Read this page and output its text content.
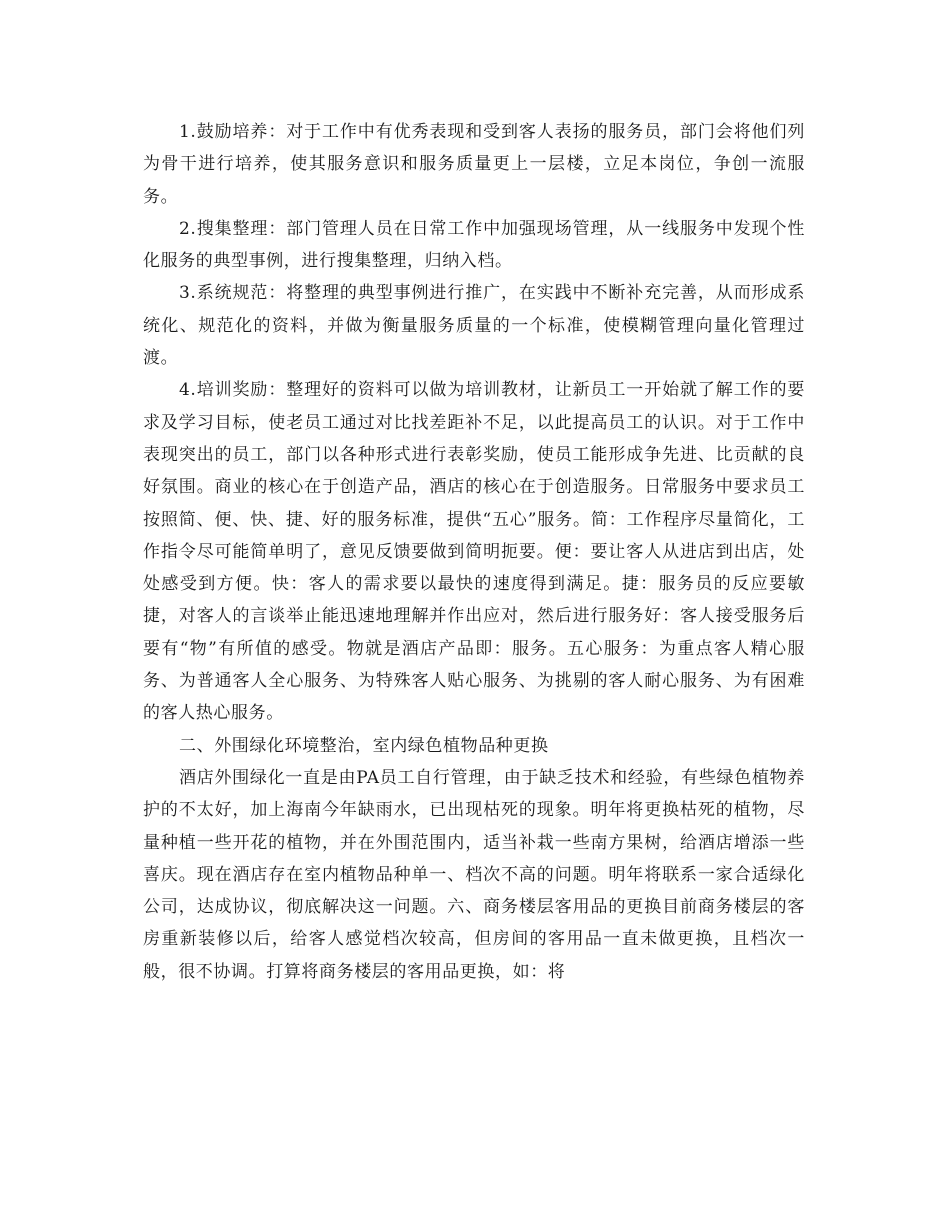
1.鼓励培养：对于工作中有优秀表现和受到客人表扬的服务员，部门会将他们列为骨干进行培养，使其服务意识和服务质量更上一层楼，立足本岗位，争创一流服务。

2.搜集整理：部门管理人员在日常工作中加强现场管理，从一线服务中发现个性化服务的典型事例，进行搜集整理，归纳入档。

3.系统规范：将整理的典型事例进行推广，在实践中不断补充完善，从而形成系统化、规范化的资料，并做为衡量服务质量的一个标准，使模糊管理向量化管理过渡。

4.培训奖励：整理好的资料可以做为培训教材，让新员工一开始就了解工作的要求及学习目标，使老员工通过对比找差距补不足，以此提高员工的认识。对于工作中表现突出的员工，部门以各种形式进行表彰奖励，使员工能形成争先进、比贡献的良好氛围。商业的核心在于创造产品，酒店的核心在于创造服务。日常服务中要求员工按照简、便、快、捷、好的服务标准，提供“五心”服务。简：工作程序尽量简化，工作指令尽可能简单明了，意见反馈要做到简明扼要。便：要让客人从进店到出店，处处感受到方便。快：客人的需求要以最快的速度得到满足。捷：服务员的反应要敏捷，对客人的言谈举止能迅速地理解并作出应对，然后进行服务好：客人接受服务后要有“物”有所值的感受。物就是酒店产品即：服务。五心服务：为重点客人精心服务、为普通客人全心服务、为特殊客人贴心服务、为挑剔的客人耐心服务、为有困难的客人热心服务。

二、外围绿化环境整治，室内绿色植物品种更换

酒店外围绿化一直是由PA员工自行管理，由于缺乏技术和经验，有些绿色植物养护的不太好，加上海南今年缺雨水，已出现枯死的现象。明年将更换枯死的植物，尽量种植一些开花的植物，并在外围范围内，适当补栽一些南方果树，给酒店增添一些喜庆。现在酒店存在室内植物品种单一、档次不高的问题。明年将联系一家合适绿化公司，达成协议，彻底解决这一问题。六、商务楼层客用品的更换目前商务楼层的客房重新装修以后，给客人感觉档次较高，但房间的客用品一直未做更换，且档次一般，很不协调。打算将商务楼层的客用品更换，如：将
